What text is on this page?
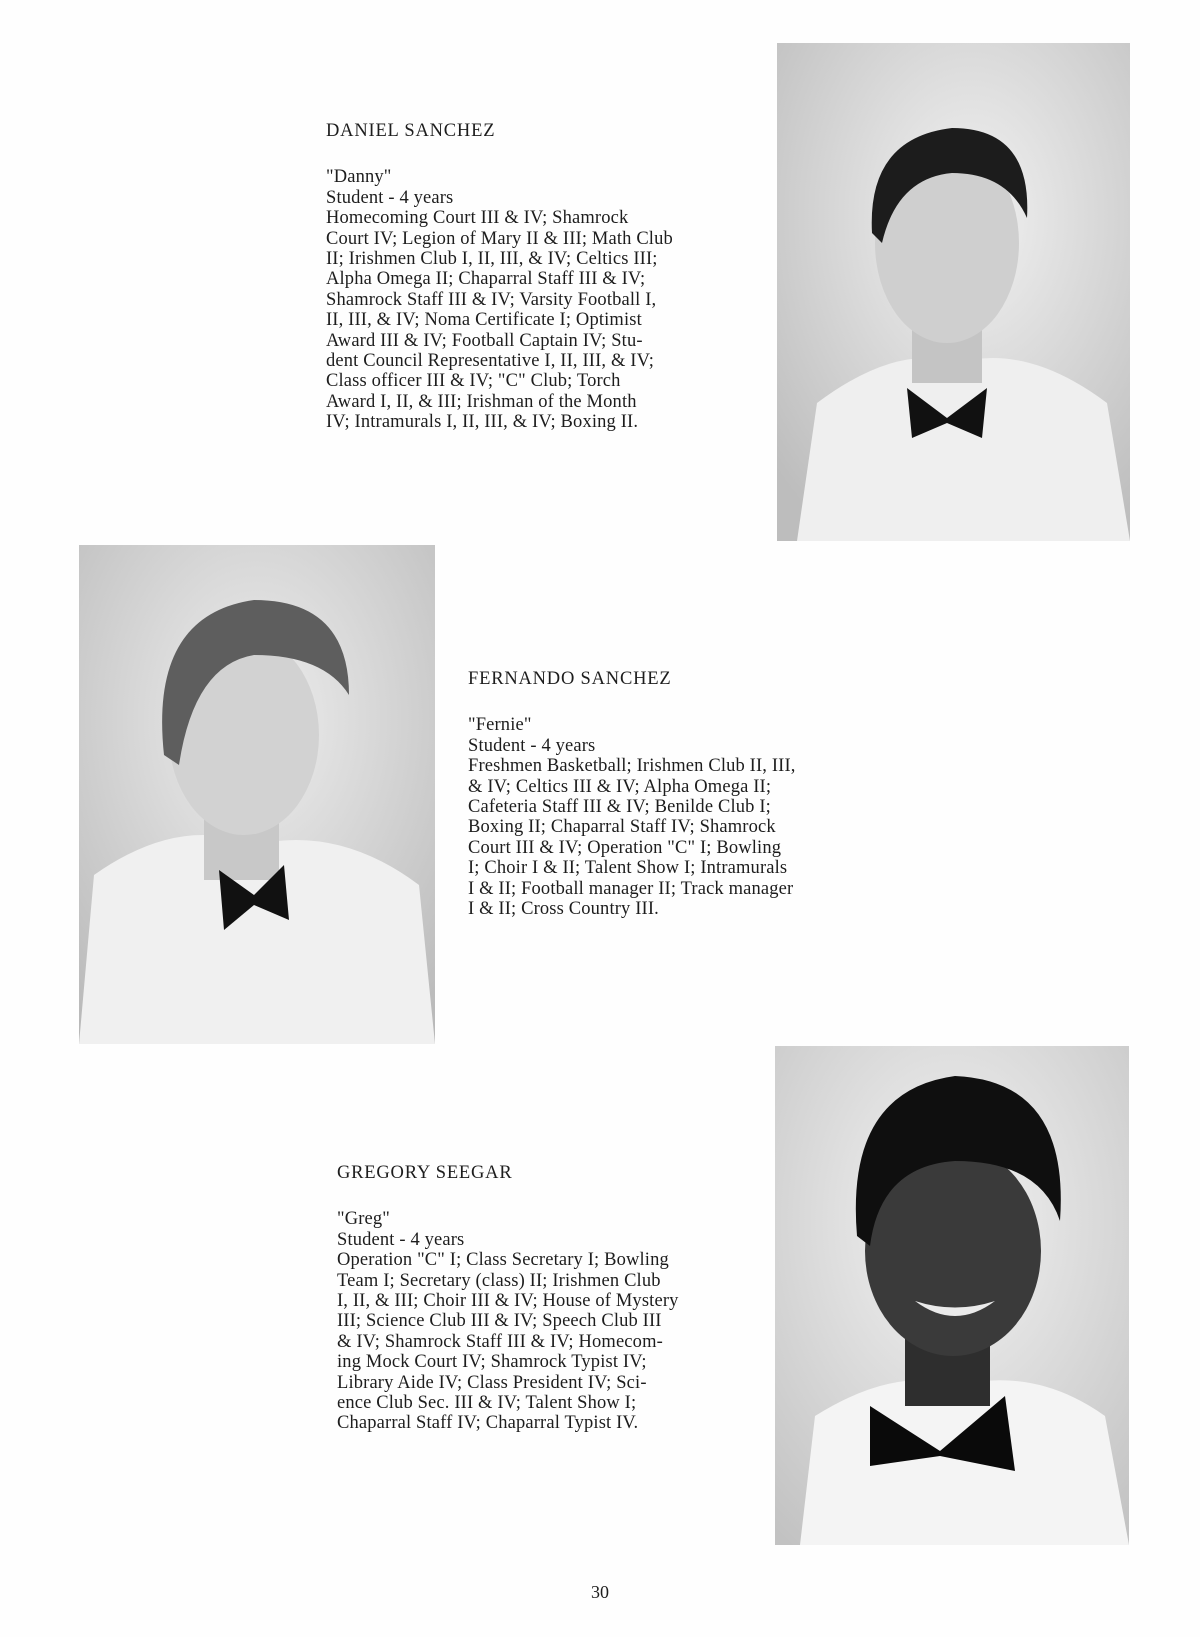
DANIEL SANCHEZ
"Danny"
Student - 4 years
Homecoming Court III & IV; Shamrock
Court IV; Legion of Mary II & III; Math Club
II; Irishmen Club I, II, III, & IV; Celtics III;
Alpha Omega II; Chaparral Staff III & IV;
Shamrock Staff III & IV; Varsity Football I,
II, III, & IV; Noma Certificate I; Optimist
Award III & IV; Football Captain IV; Stu-
dent Council Representative I, II, III, & IV;
Class officer III & IV; "C" Club; Torch
Award I, II, & III; Irishman of the Month
IV; Intramurals I, II, III, & IV; Boxing II.
FERNANDO SANCHEZ
"Fernie"
Student - 4 years
Freshmen Basketball; Irishmen Club II, III,
& IV; Celtics III & IV; Alpha Omega II;
Cafeteria Staff III & IV; Benilde Club I;
Boxing II; Chaparral Staff IV; Shamrock
Court III & IV; Operation "C" I; Bowling
I; Choir I & II; Talent Show I; Intramurals
I & II; Football manager II; Track manager
I & II; Cross Country III.
GREGORY SEEGAR
"Greg"
Student - 4 years
Operation "C" I; Class Secretary I; Bowling
Team I; Secretary (class) II; Irishmen Club
I, II, & III; Choir III & IV; House of Mystery
III; Science Club III & IV; Speech Club III
& IV; Shamrock Staff III & IV; Homecom-
ing Mock Court IV; Shamrock Typist IV;
Library Aide IV; Class President IV; Sci-
ence Club Sec. III & IV; Talent Show I;
Chaparral Staff IV; Chaparral Typist IV.
30
